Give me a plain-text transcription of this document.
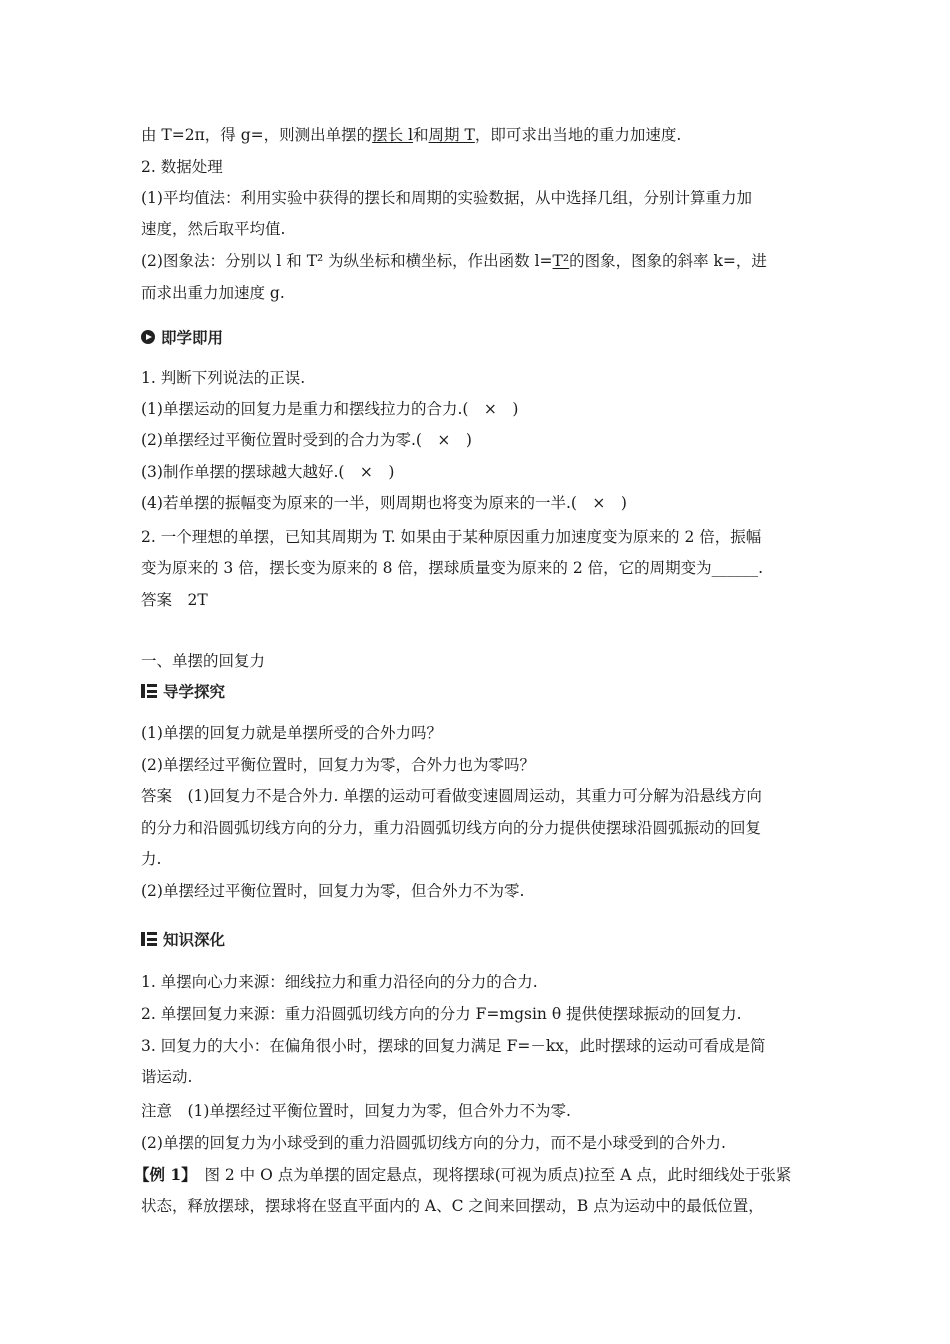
由 T=2π，得 g=，则测出单摆的摆长 l和周期 T，即可求出当地的重力加速度.
2. 数据处理
(1)平均值法：利用实验中获得的摆长和周期的实验数据，从中选择几组，分别计算重力加
速度，然后取平均值.
(2)图象法：分别以 l 和 T² 为纵坐标和横坐标，作出函数 l=T²的图象，图象的斜率 k=，进
而求出重力加速度 g.
即学即用
1. 判断下列说法的正误.
(1)单摆运动的回复力是重力和摆线拉力的合力.(　×　)
(2)单摆经过平衡位置时受到的合力为零.(　×　)
(3)制作单摆的摆球越大越好.(　×　)
(4)若单摆的振幅变为原来的一半，则周期也将变为原来的一半.(　×　)
2. 一个理想的单摆，已知其周期为 T. 如果由于某种原因重力加速度变为原来的 2 倍，振幅
变为原来的 3 倍，摆长变为原来的 8 倍，摆球质量变为原来的 2 倍，它的周期变为______.
答案　2T
一、单摆的回复力
导学探究
(1)单摆的回复力就是单摆所受的合外力吗？
(2)单摆经过平衡位置时，回复力为零，合外力也为零吗？
答案　(1)回复力不是合外力. 单摆的运动可看做变速圆周运动，其重力可分解为沿悬线方向
的分力和沿圆弧切线方向的分力，重力沿圆弧切线方向的分力提供使摆球沿圆弧振动的回复
力.
(2)单摆经过平衡位置时，回复力为零，但合外力不为零.
知识深化
1. 单摆向心力来源：细线拉力和重力沿径向的分力的合力.
2. 单摆回复力来源：重力沿圆弧切线方向的分力 F=mgsin θ 提供使摆球振动的回复力.
3. 回复力的大小：在偏角很小时，摆球的回复力满足 F=－kx，此时摆球的运动可看成是简
谐运动.
注意　(1)单摆经过平衡位置时，回复力为零，但合外力不为零.
(2)单摆的回复力为小球受到的重力沿圆弧切线方向的分力，而不是小球受到的合外力.
【例 1】　图 2 中 O 点为单摆的固定悬点，现将摆球(可视为质点)拉至 A 点，此时细线处于张紧
状态，释放摆球，摆球将在竖直平面内的 A、C 之间来回摆动，B 点为运动中的最低位置，
